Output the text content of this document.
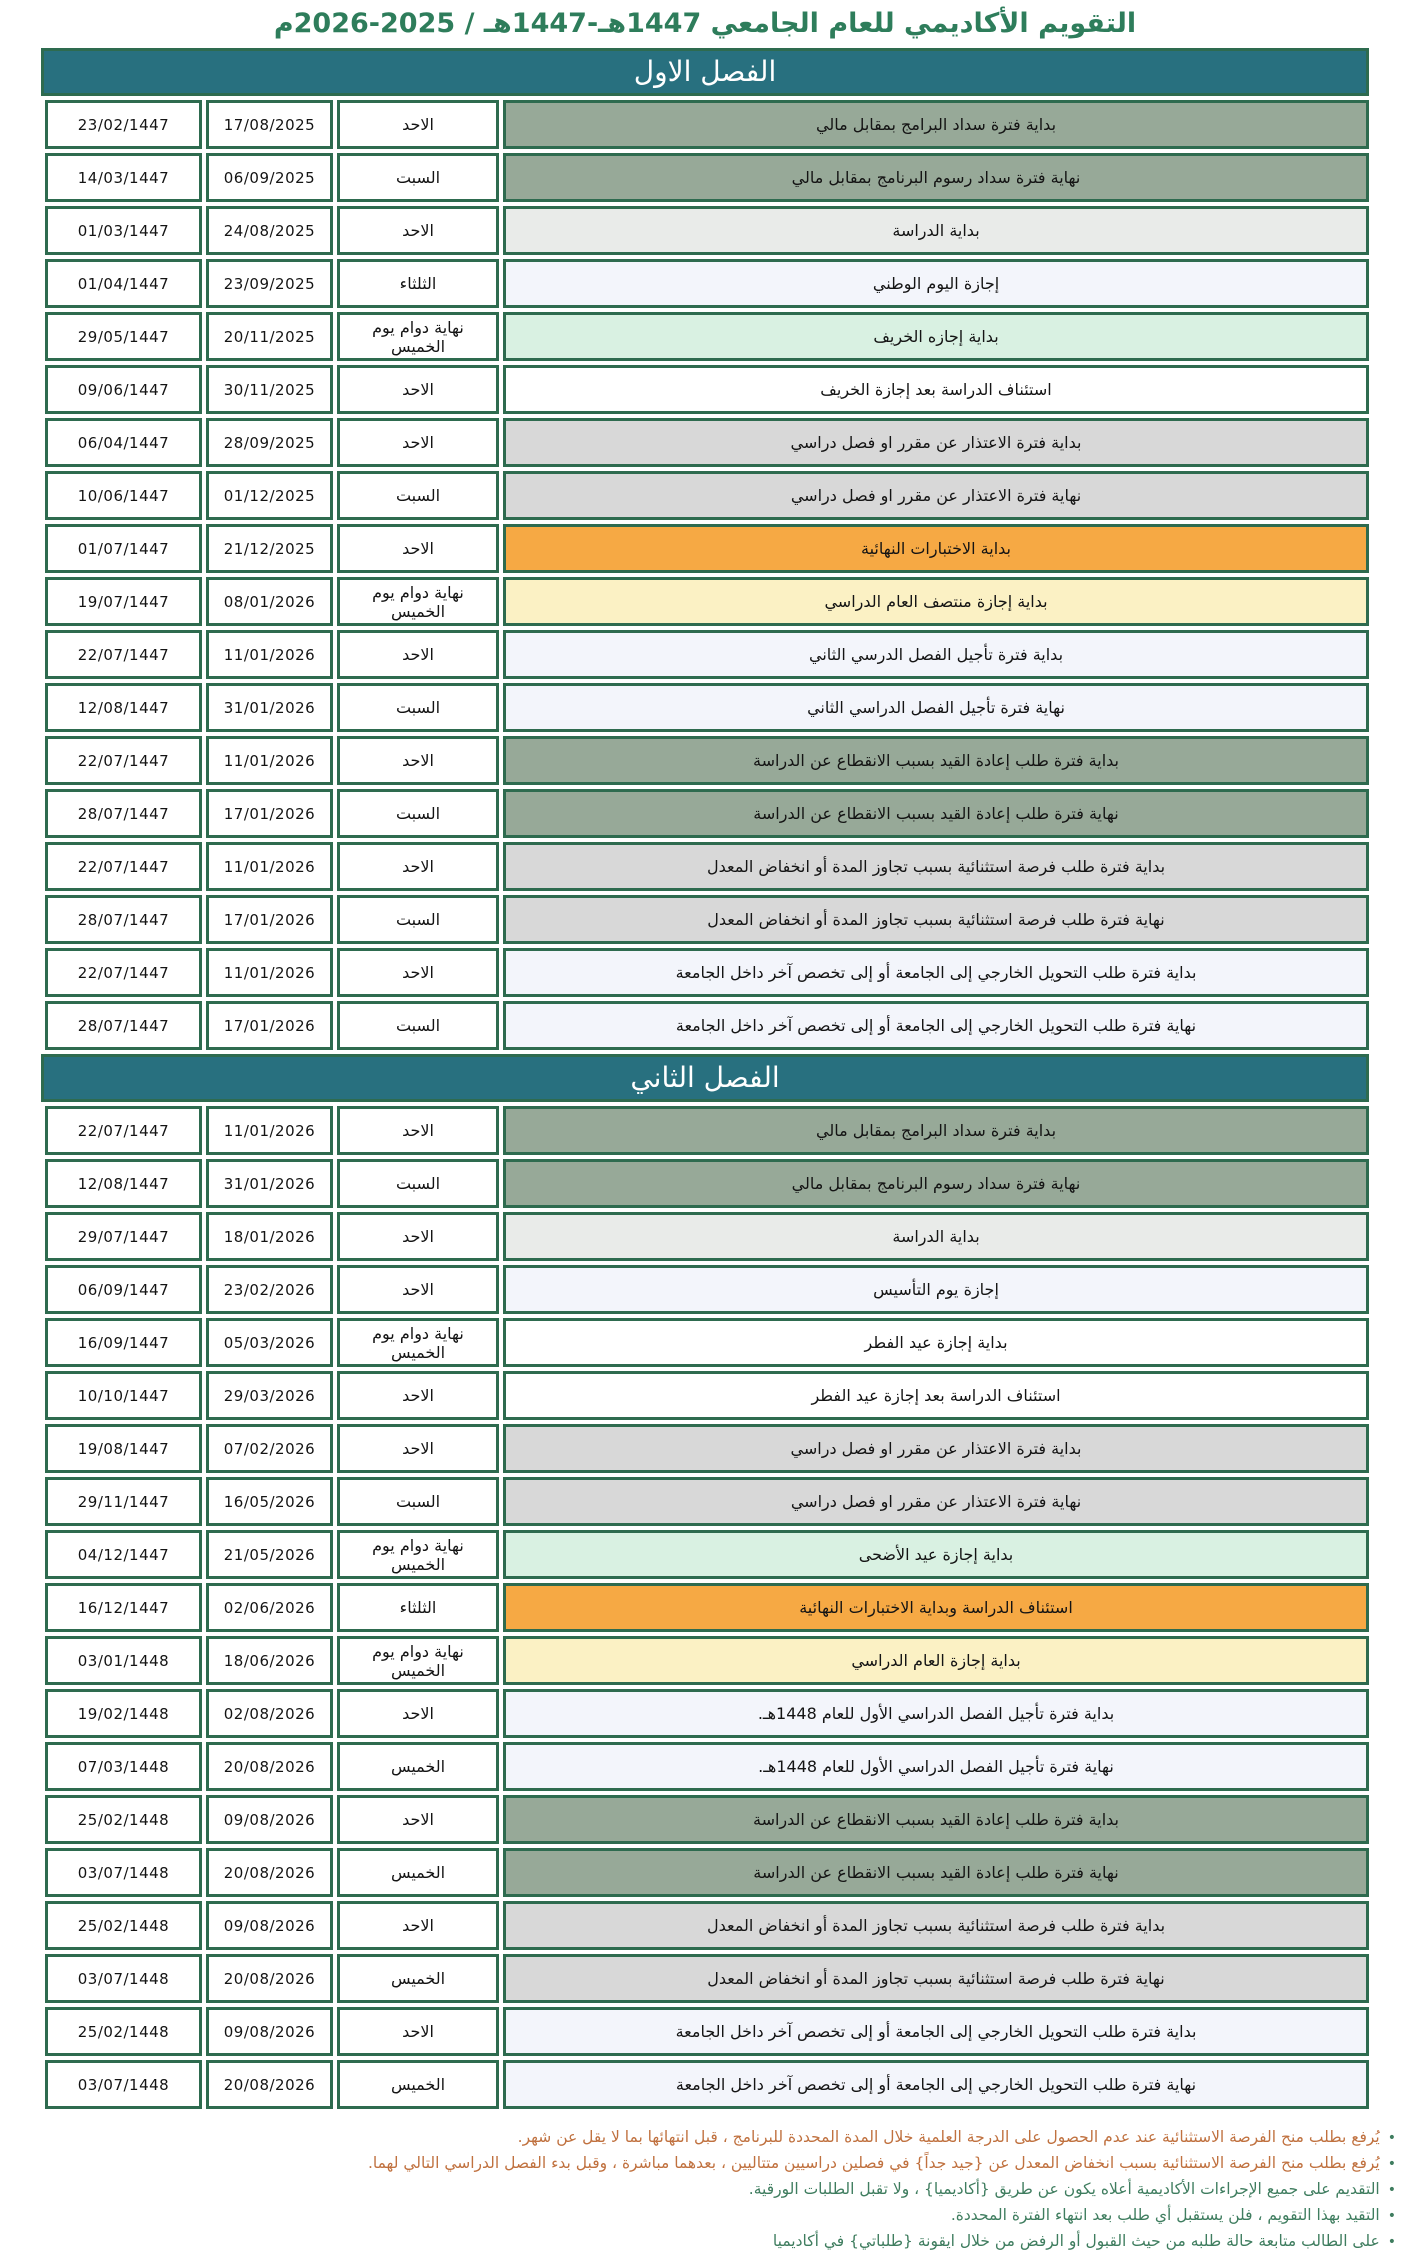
التقويم الأكاديمي للعام الجامعي 1447هـ-1447هـ / 2025-2026م
الفصل الاول
بداية فترة سداد البرامج بمقابل مالي
الاحد
17/08/2025
23/02/1447
نهاية فترة سداد رسوم البرنامج بمقابل مالي
السبت
06/09/2025
14/03/1447
بداية الدراسة
الاحد
24/08/2025
01/03/1447
إجازة اليوم الوطني
الثلثاء
23/09/2025
01/04/1447
بداية إجازه الخريف
نهاية دوام يوم الخميس
20/11/2025
29/05/1447
استئناف الدراسة بعد إجازة الخريف
الاحد
30/11/2025
09/06/1447
بداية فترة الاعتذار عن مقرر او فصل دراسي
الاحد
28/09/2025
06/04/1447
نهاية فترة الاعتذار عن مقرر او فصل دراسي
السبت
01/12/2025
10/06/1447
بداية الاختبارات النهائية
الاحد
21/12/2025
01/07/1447
بداية إجازة منتصف العام الدراسي
نهاية دوام يوم الخميس
08/01/2026
19/07/1447
بداية فترة تأجيل الفصل الدرسي الثاني
الاحد
11/01/2026
22/07/1447
نهاية فترة تأجيل الفصل الدراسي الثاني
السبت
31/01/2026
12/08/1447
بداية فترة طلب إعادة القيد بسبب الانقطاع عن الدراسة
الاحد
11/01/2026
22/07/1447
نهاية فترة طلب إعادة القيد بسبب الانقطاع عن الدراسة
السبت
17/01/2026
28/07/1447
بداية فترة طلب فرصة استثنائية بسبب تجاوز المدة أو انخفاض المعدل
الاحد
11/01/2026
22/07/1447
نهاية فترة طلب فرصة استثنائية بسبب تجاوز المدة أو انخفاض المعدل
السبت
17/01/2026
28/07/1447
بداية فترة طلب التحويل الخارجي إلى الجامعة أو إلى تخصص آخر داخل الجامعة
الاحد
11/01/2026
22/07/1447
نهاية فترة طلب التحويل الخارجي إلى الجامعة أو إلى تخصص آخر داخل الجامعة
السبت
17/01/2026
28/07/1447
الفصل الثاني
بداية فترة سداد البرامج بمقابل مالي
الاحد
11/01/2026
22/07/1447
نهاية فترة سداد رسوم البرنامج بمقابل مالي
السبت
31/01/2026
12/08/1447
بداية الدراسة
الاحد
18/01/2026
29/07/1447
إجازة يوم التأسيس
الاحد
23/02/2026
06/09/1447
بداية إجازة عيد الفطر
نهاية دوام يوم الخميس
05/03/2026
16/09/1447
استئناف الدراسة بعد إجازة عيد الفطر
الاحد
29/03/2026
10/10/1447
بداية فترة الاعتذار عن مقرر او فصل دراسي
الاحد
07/02/2026
19/08/1447
نهاية فترة الاعتذار عن مقرر او فصل دراسي
السبت
16/05/2026
29/11/1447
بداية إجازة عيد الأضحى
نهاية دوام يوم الخميس
21/05/2026
04/12/1447
استئناف الدراسة وبداية الاختبارات النهائية
الثلثاء
02/06/2026
16/12/1447
بداية إجازة العام الدراسي
نهاية دوام يوم الخميس
18/06/2026
03/01/1448
بداية فترة تأجيل الفصل الدراسي الأول للعام 1448هـ.
الاحد
02/08/2026
19/02/1448
نهاية فترة تأجيل الفصل الدراسي الأول للعام 1448هـ.
الخميس
20/08/2026
07/03/1448
بداية فترة طلب إعادة القيد بسبب الانقطاع عن الدراسة
الاحد
09/08/2026
25/02/1448
نهاية فترة طلب إعادة القيد بسبب الانقطاع عن الدراسة
الخميس
20/08/2026
03/07/1448
بداية فترة طلب فرصة استثنائية بسبب تجاوز المدة أو انخفاض المعدل
الاحد
09/08/2026
25/02/1448
نهاية فترة طلب فرصة استثنائية بسبب تجاوز المدة أو انخفاض المعدل
الخميس
20/08/2026
03/07/1448
بداية فترة طلب التحويل الخارجي إلى الجامعة أو إلى تخصص آخر داخل الجامعة
الاحد
09/08/2026
25/02/1448
نهاية فترة طلب التحويل الخارجي إلى الجامعة أو إلى تخصص آخر داخل الجامعة
الخميس
20/08/2026
03/07/1448
•يُرفع بطلب منح الفرصة الاستثنائية عند عدم الحصول على الدرجة العلمية خلال المدة المحددة للبرنامج ، قبل انتهائها بما لا يقل عن شهر.
•يُرفع بطلب منح الفرصة الاستثنائية بسبب انخفاض المعدل عن {جيد جداً} في فصلين دراسيين متتاليين ، بعدهما مباشرة ، وقبل بدء الفصل الدراسي التالي لهما.
•التقديم على جميع الإجراءات الأكاديمية أعلاه يكون عن طريق {أكاديميا} ، ولا تقبل الطلبات الورقية.
•التقيد بهذا التقويم ، فلن يستقبل أي طلب بعد انتهاء الفترة المحددة.
•على الطالب متابعة حالة طلبه من حيث القبول أو الرفض من خلال ايقونة {طلباتي} في أكاديميا
